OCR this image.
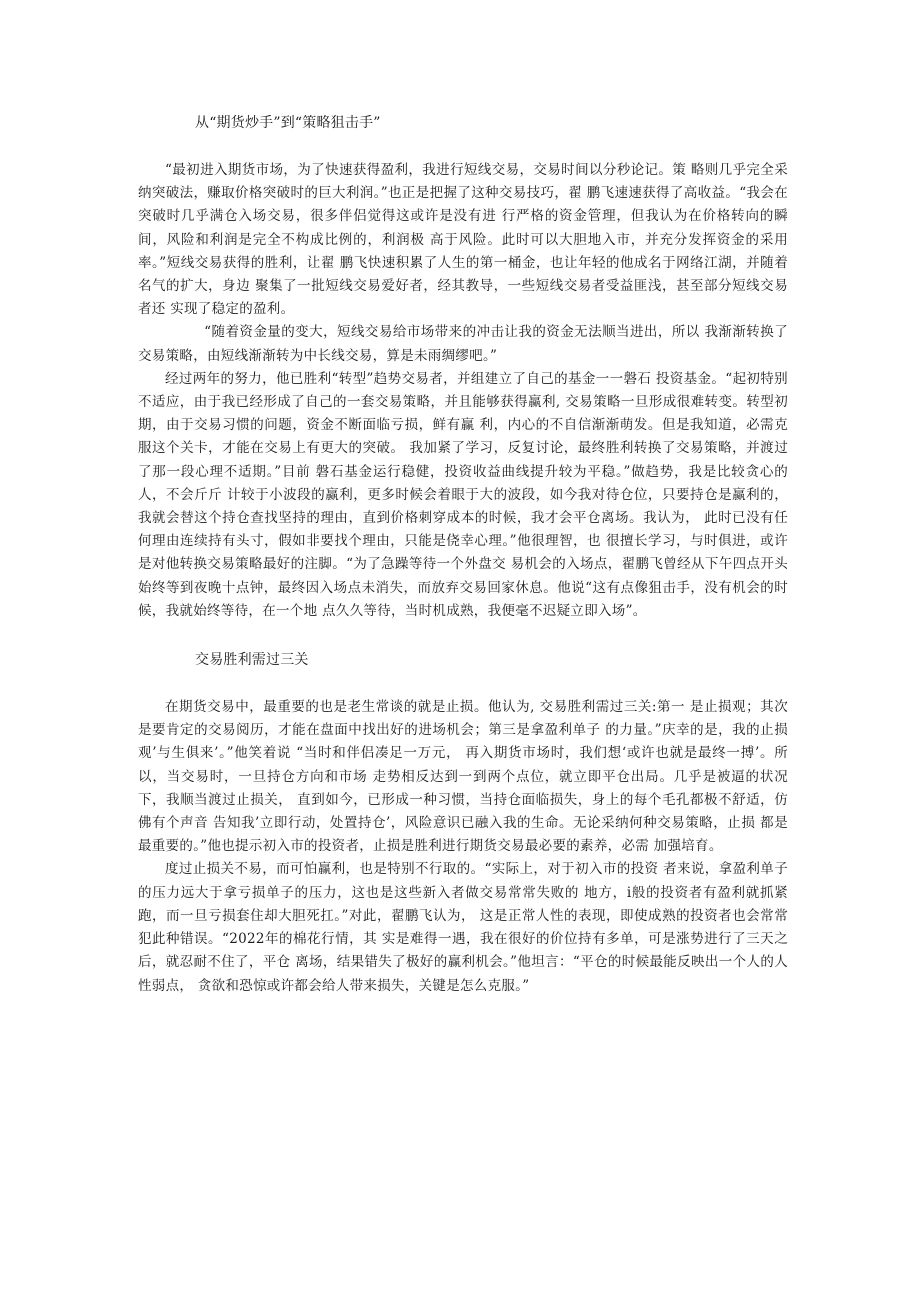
从“期货炒手”到“策略狙击手”

“最初进入期货市场，为了快速获得盈利，我进行短线交易，交易时间以分秒论记。策 略则几乎完全采纳突破法，赚取价格突破时的巨大利润。”也正是把握了这种交易技巧，翟 鹏飞速速获得了高收益。“我会在突破时几乎满仓入场交易，很多伴侣觉得这或许是没有进 行严格的资金管理，但我认为在价格转向的瞬间，风险和利润是完全不构成比例的，利润极 高于风险。此时可以大胆地入市，并充分发挥资金的采用率。”短线交易获得的胜利，让翟 鹏飞快速积累了人生的第一桶金，也让年轻的他成名于网络江湖，并随着名气的扩大，身边 聚集了一批短线交易爱好者，经其教导，一些短线交易者受益匪浅，甚至部分短线交易者还 实现了稳定的盈利。

“随着资金量的变大，短线交易给市场带来的冲击让我的资金无法顺当进出，所以 我渐渐转换了交易策略，由短线渐渐转为中长线交易，算是未雨绸缪吧。”

经过两年的努力，他已胜利“转型”趋势交易者，并组建立了自己的基金一一磐石 投资基金。“起初特别不适应，由于我已经形成了自己的一套交易策略，并且能够获得赢利, 交易策略一旦形成很难转变。转型初期，由于交易习惯的问题，资金不断面临亏损，鲜有赢 利，内心的不自信渐渐萌发。但是我知道，必需克服这个关卡，才能在交易上有更大的突破。 我加紧了学习，反复讨论，最终胜利转换了交易策略，并渡过了那一段心理不适期。”目前 磐石基金运行稳健，投资收益曲线提升较为平稳。”做趋势，我是比较贪心的人，不会斤斤 计较于小波段的赢利，更多时候会着眼于大的波段，如今我对待仓位，只要持仓是赢利的， 我就会替这个持仓查找坚持的理由，直到价格刺穿成本的时候，我才会平仓离场。我认为， 此时已没有任何理由连续持有头寸，假如非要找个理由，只能是侥幸心理。”他很理智，也 很擅长学习，与时俱进，或许是对他转换交易策略最好的注脚。“为了急躁等待一个外盘交 易机会的入场点，翟鹏飞曾经从下午四点开头始终等到夜晚十点钟，最终因入场点未消失，而放弃交易回家休息。他说“这有点像狙击手，没有机会的时候，我就始终等待，在一个地 点久久等待，当时机成熟，我便毫不迟疑立即入场”。

交易胜利需过三关

在期货交易中，最重要的也是老生常谈的就是止损。他认为, 交易胜利需过三关:第一 是止损观；其次是要肯定的交易阅历，才能在盘面中找出好的进场机会；第三是拿盈利单子 的力量。”庆幸的是，我的止损观’与生俱来’。”他笑着说 “当时和伴侣凑足一万元， 再入期货市场时，我们想‘或许也就是最终一搏’。所以，当交易时，一旦持仓方向和市场 走势相反达到一到两个点位，就立即平仓出局。几乎是被逼的状况下，我顺当渡过止损关， 直到如今，已形成一种习惯，当持仓面临损失，身上的每个毛孔都极不舒适，仿佛有个声音 告知我’立即行动，处置持仓’，风险意识已融入我的生命。无论采纳何种交易策略，止损 都是最重要的。”他也提示初入市的投资者，止损是胜利进行期货交易最必要的素养，必需 加强培育。

度过止损关不易，而可怕赢利，也是特别不行取的。“实际上，对于初入市的投资 者来说，拿盈利单子的压力远大于拿亏损单子的压力，这也是这些新入者做交易常常失败的 地方，i般的投资者有盈利就抓紧跑，而一旦亏损套住却大胆死扛。”对此，翟鹏飞认为， 这是正常人性的表现，即使成熟的投资者也会常常犯此种错误。“2022年的棉花行情，其 实是难得一遇，我在很好的价位持有多单，可是涨势进行了三天之后，就忍耐不住了，平仓 离场，结果错失了极好的赢利机会。”他坦言：“平仓的时候最能反映出一个人的人性弱点， 贪欲和恐惊或许都会给人带来损失，关键是怎么克服。”
